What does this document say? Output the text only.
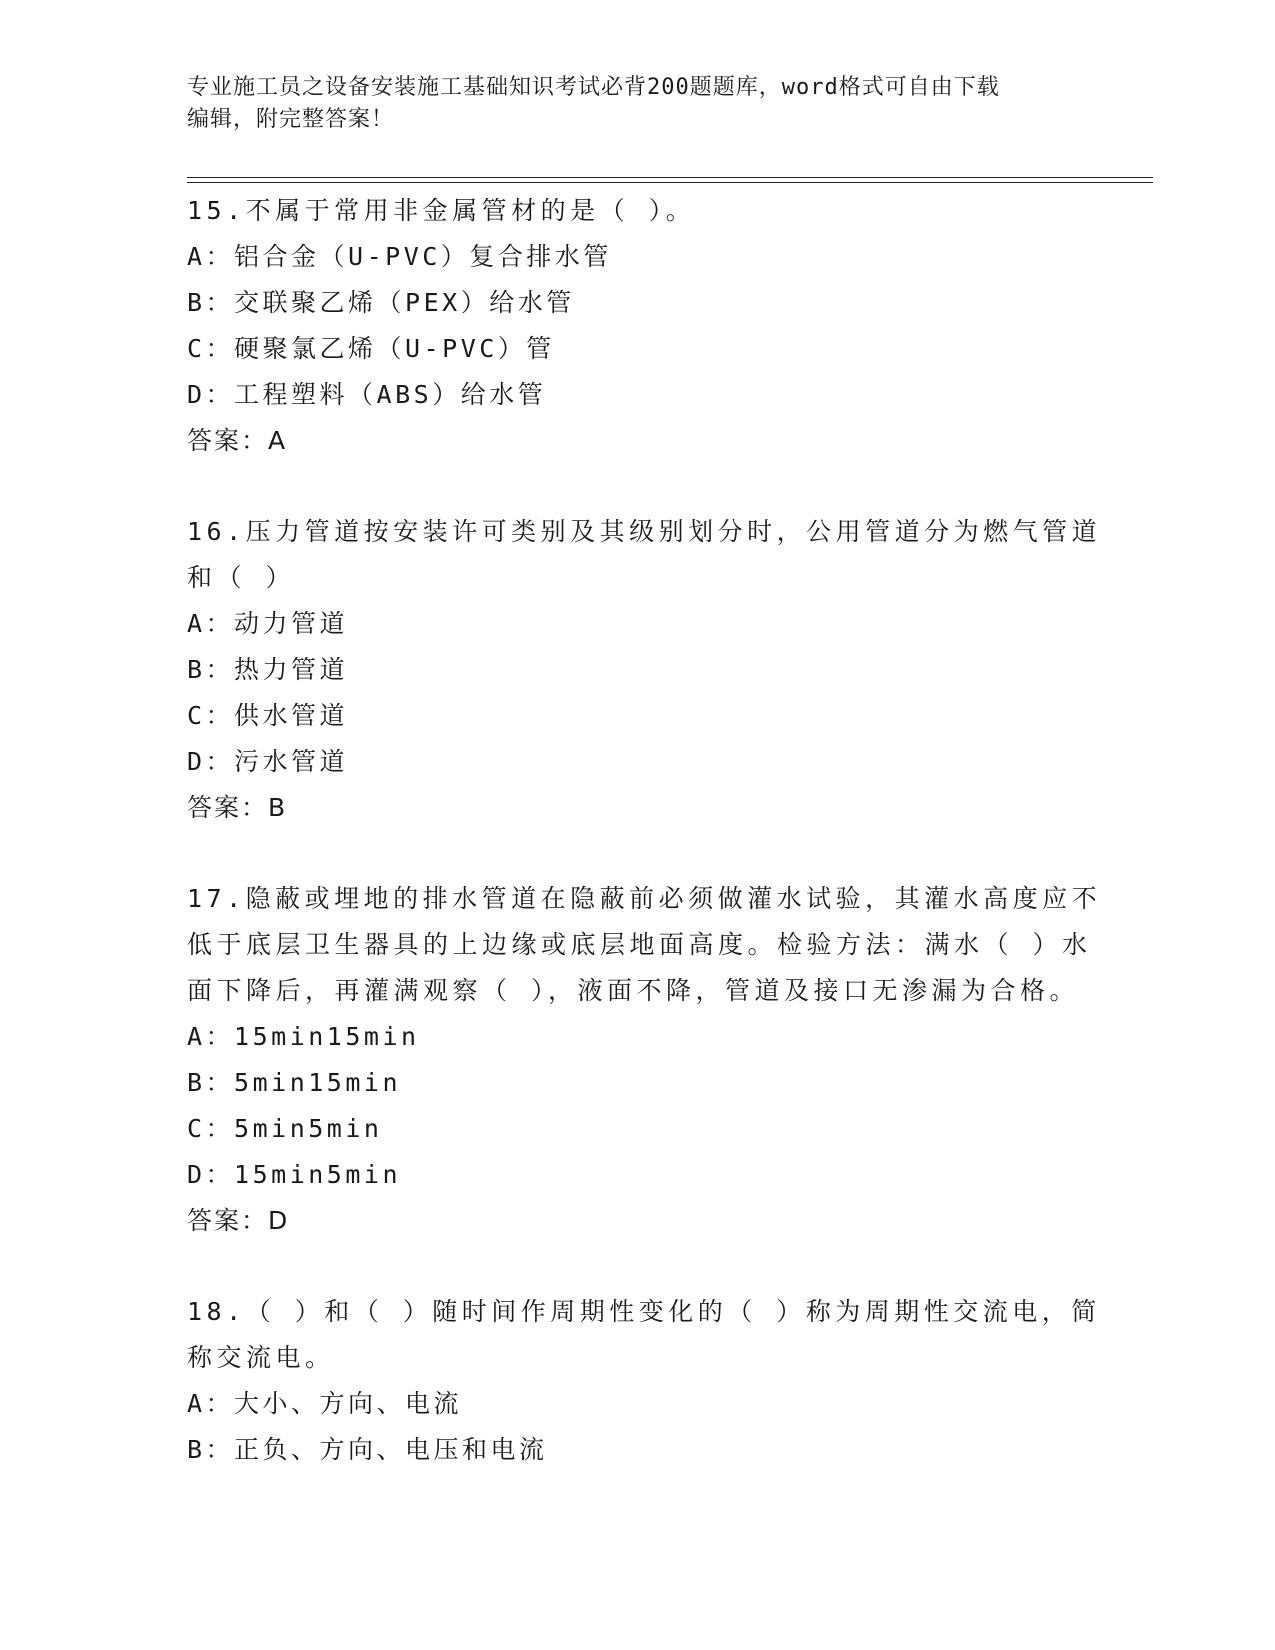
专业施工员之设备安装施工基础知识考试必背200题题库，word格式可自由下载
编辑，附完整答案！
15.不属于常用非金属管材的是（ ）。
A：铝合金（U-PVC）复合排水管
B：交联聚乙烯（PEX）给水管
C：硬聚氯乙烯（U-PVC）管
D：工程塑料（ABS）给水管
答案：A
16.压力管道按安装许可类别及其级别划分时，公用管道分为燃气管道
和（ ）
A：动力管道
B：热力管道
C：供水管道
D：污水管道
答案：B
17.隐蔽或埋地的排水管道在隐蔽前必须做灌水试验，其灌水高度应不
低于底层卫生器具的上边缘或底层地面高度。检验方法：满水（ ）水
面下降后，再灌满观察（ ），液面不降，管道及接口无渗漏为合格。
A：15min15min
B：5min15min
C：5min5min
D：15min5min
答案：D
18.（ ）和（ ）随时间作周期性变化的（ ）称为周期性交流电，简
称交流电。
A：大小、方向、电流
B：正负、方向、电压和电流
